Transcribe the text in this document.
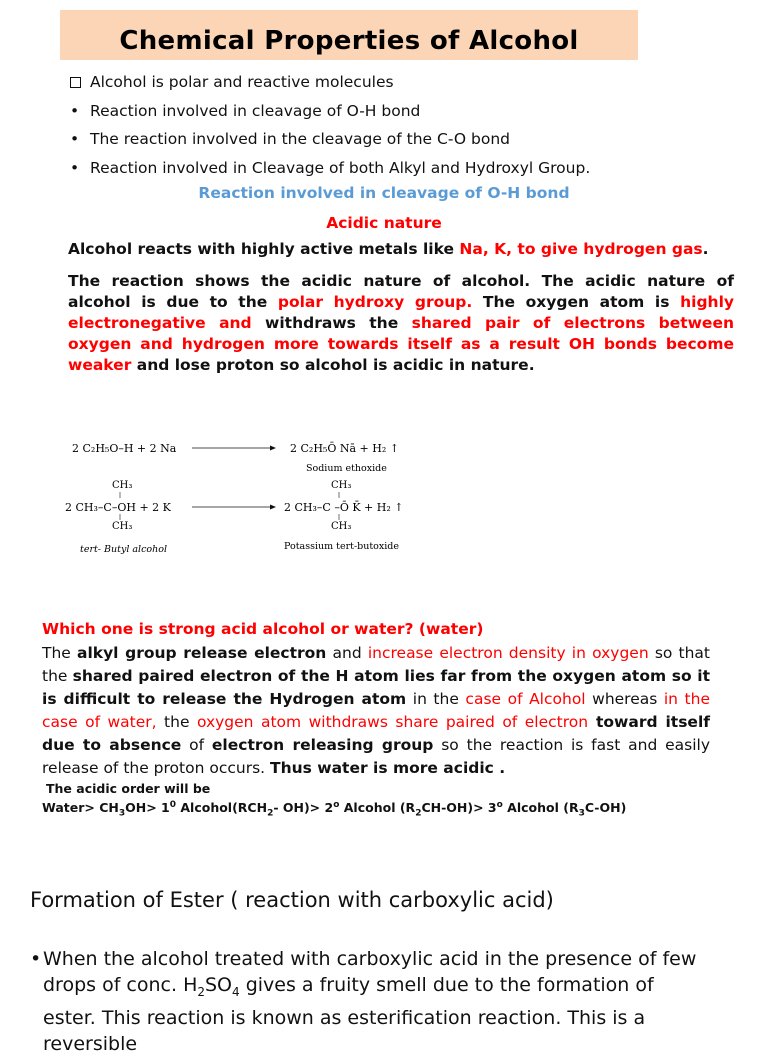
Chemical Properties of Alcohol
Alcohol is polar and reactive molecules
• Reaction involved in cleavage of O-H bond
• The reaction involved in the cleavage of the C-O bond
• Reaction involved in Cleavage of both Alkyl and Hydroxyl Group.
Reaction involved in cleavage of O-H bond
Acidic nature
Alcohol reacts with highly active metals like Na, K, to give hydrogen gas.
The reaction shows the acidic nature of alcohol. The acidic nature of alcohol is due to the polar hydroxy group. The oxygen atom is highly electronegative and withdraws the shared pair of electrons between oxygen and hydrogen more towards itself as a result OH bonds become weaker and lose proton so alcohol is acidic in nature.
2 C₂H₅O–H + 2 Na	2 C₂H₅Ō Nā + H₂ ↑
Sodium ethoxide
CH₃
2 CH₃–C–OH + 2 K
CH₃
tert- Butyl alcohol
CH₃
2 CH₃–C –Ō K̄ + H₂ ↑
CH₃
Potassium tert-butoxide
Which one is strong acid alcohol or water? (water)
The alkyl group release electron and increase electron density in oxygen so that the shared paired electron of the H atom lies far from the oxygen atom so it is difficult to release the Hydrogen atom in the case of Alcohol whereas in the case of water, the oxygen atom withdraws share paired of electron toward itself due to absence of electron releasing group so the reaction is fast and easily release of the proton occurs. Thus water is more acidic .
The acidic order will be
Water> $CH_3OH> 1^0$ $Alcohol(RCH_2-$ $OH)> 2^o$ Alcohol $(R_2CH-OH)> 3^o$ Alcohol $(R_3C-OH)$
Formation of Ester ( reaction with carboxylic acid)
• When the alcohol treated with carboxylic acid in the presence of few drops of conc. $H_2SO_4$ gives a fruity smell due to the formation of ester. This reaction is known as esterification reaction. This is a reversible
